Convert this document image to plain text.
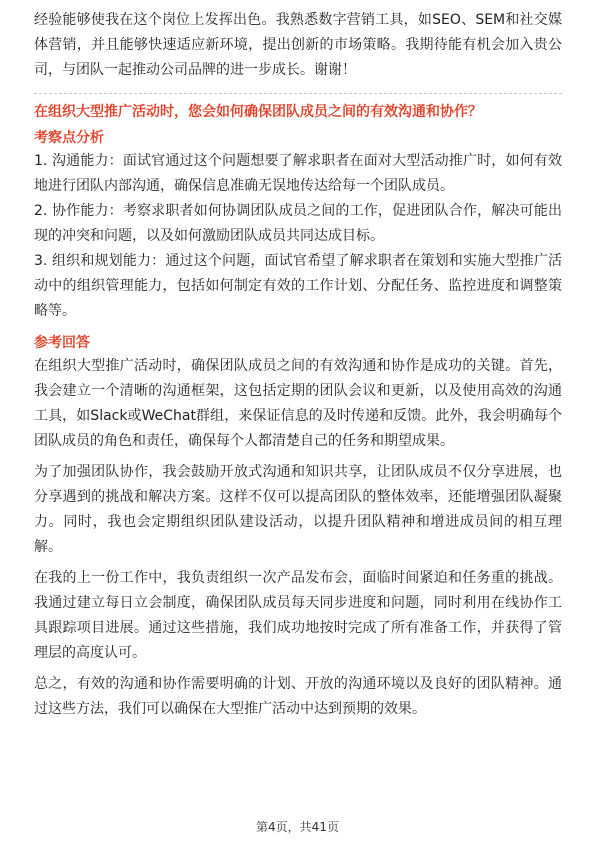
经验能够使我在这个岗位上发挥出色。我熟悉数字营销工具，如SEO、SEM和社交媒体营销，并且能够快速适应新环境，提出创新的市场策略。我期待能有机会加入贵公司，与团队一起推动公司品牌的进一步成长。谢谢！

在组织大型推广活动时，您会如何确保团队成员之间的有效沟通和协作？

考察点分析

1. 沟通能力：面试官通过这个问题想要了解求职者在面对大型活动推广时，如何有效地进行团队内部沟通，确保信息准确无误地传达给每一个团队成员。

2. 协作能力：考察求职者如何协调团队成员之间的工作，促进团队合作，解决可能出现的冲突和问题，以及如何激励团队成员共同达成目标。

3. 组织和规划能力：通过这个问题，面试官希望了解求职者在策划和实施大型推广活动中的组织管理能力，包括如何制定有效的工作计划、分配任务、监控进度和调整策略等。

参考回答

在组织大型推广活动时，确保团队成员之间的有效沟通和协作是成功的关键。首先，我会建立一个清晰的沟通框架，这包括定期的团队会议和更新，以及使用高效的沟通工具，如Slack或WeChat群组，来保证信息的及时传递和反馈。此外，我会明确每个团队成员的角色和责任，确保每个人都清楚自己的任务和期望成果。

为了加强团队协作，我会鼓励开放式沟通和知识共享，让团队成员不仅分享进展，也分享遇到的挑战和解决方案。这样不仅可以提高团队的整体效率，还能增强团队凝聚力。同时，我也会定期组织团队建设活动，以提升团队精神和增进成员间的相互理解。

在我的上一份工作中，我负责组织一次产品发布会，面临时间紧迫和任务重的挑战。我通过建立每日立会制度，确保团队成员每天同步进度和问题，同时利用在线协作工具跟踪项目进展。通过这些措施，我们成功地按时完成了所有准备工作，并获得了管理层的高度认可。

总之，有效的沟通和协作需要明确的计划、开放的沟通环境以及良好的团队精神。通过这些方法，我们可以确保在大型推广活动中达到预期的效果。

第4页，共41页
